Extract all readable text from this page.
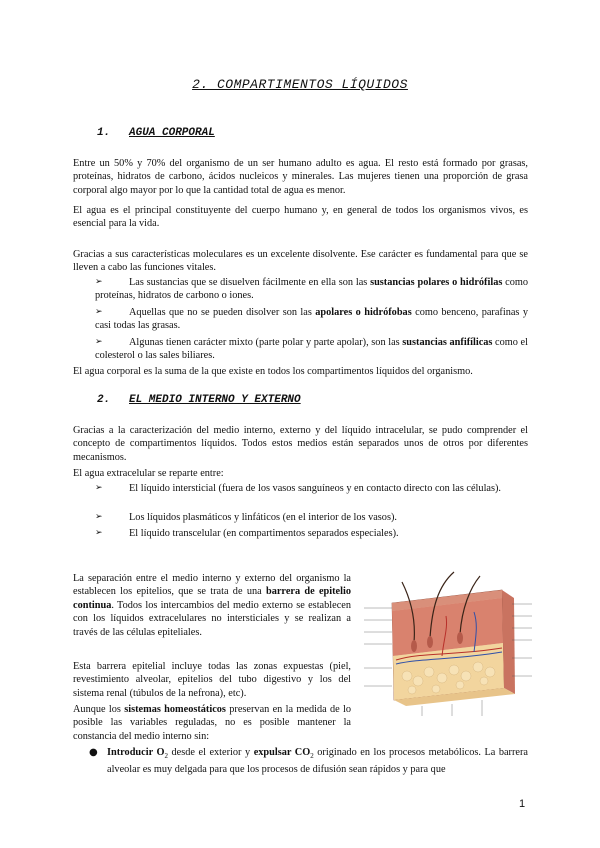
2. COMPARTIMENTOS LÍQUIDOS
1. AGUA CORPORAL

Entre un 50% y 70% del organismo de un ser humano adulto es agua. El resto está formado por grasas, proteínas, hidratos de carbono, ácidos nucleicos y minerales. Las mujeres tienen una proporción de grasa corporal algo mayor por lo que la cantidad total de agua es menor.

El agua es el principal constituyente del cuerpo humano y, en general de todos los organismos vivos, es esencial para la vida.

Gracias a sus características moleculares es un excelente disolvente. Ese carácter es fundamental para que se lleven a cabo las funciones vitales.

➢	Las sustancias que se disuelven fácilmente en ella son las sustancias polares o hidrófilas como proteínas, hidratos de carbono o iones.
➢	Aquellas que no se pueden disolver son las apolares o hidrófobas como benceno, parafinas y casi todas las grasas.
➢	Algunas tienen carácter mixto (parte polar y parte apolar), son las sustancias anfifílicas como el colesterol o las sales biliares.

El agua corporal es la suma de la que existe en todos los compartimentos líquidos del organismo.

2. EL MEDIO INTERNO Y EXTERNO

Gracias a la caracterización del medio interno, externo y del líquido intracelular, se pudo comprender el concepto de compartimentos líquidos. Todos estos medios están separados unos de otros por diferentes mecanismos.

El agua extracelular se reparte entre:

➢	El líquido intersticial (fuera de los vasos sanguíneos y en contacto directo con las células).
➢	Los líquidos plasmáticos y linfáticos (en el interior de los vasos).
➢	El líquido transcelular (en compartimentos separados especiales).

La separación entre el medio interno y externo del organismo la establecen los epitelios, que se trata de una barrera de epitelio continua. Todos los intercambios del medio externo se establecen con los líquidos extracelulares no intersticiales y se realizan a través de las células epiteliales.

Esta barrera epitelial incluye todas las zonas expuestas (piel, revestimiento alveolar, epitelios del tubo digestivo y los del sistema renal (túbulos de la nefrona), etc).

Aunque los sistemas homeostáticos preservan en la medida de lo posible las variables reguladas, no es posible mantener la constancia del medio interno sin:

● Introducir $O_2$ desde el exterior y expulsar $CO_2$ originado en los procesos metabólicos. La barrera alveolar es muy delgada para que los procesos de difusión sean rápidos y para que
1
